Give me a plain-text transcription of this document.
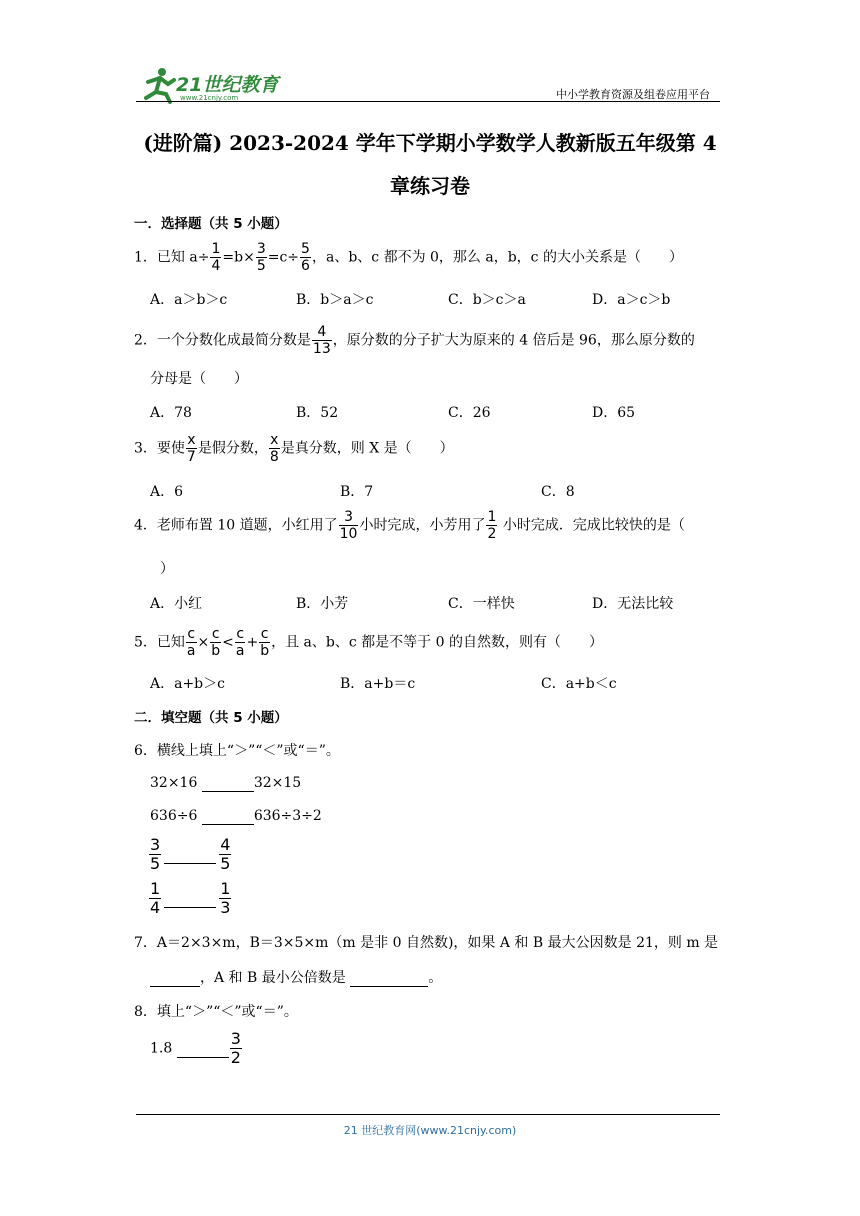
21世纪教育
www.21cnjy.com	中小学教育资源及组卷应用平台
(进阶篇) 2023-2024 学年下学期小学数学人教新版五年级第 4
章练习卷
一．选择题（共 5 小题）
1．已知 $a\div \frac{1}{4} =b\times \frac{3}{5} =c\div \frac{5}{6}$ ，a、b、c 都不为 0，那么 a，b，c 的大小关系是（　　）
A．a＞b＞c	B．b＞a＞c	C．b＞c＞a	D．a＞c＞b
2．一个分数化成最简分数是 $\frac{4}{13}$ ，原分数的分子扩大为原来的 4 倍后是 96，那么原分数的
分母是（　　）
A．78	B．52	C．26	D．65
3．要使 $\frac{x}{7}$ 是假分数， $\frac{x}{8}$ 是真分数，则 X 是（　　）
A．6	B．7	C．8
4．老师布置 10 道题，小红用了 $\frac{3}{10}$ 小时完成，小芳用了 $\frac{1}{2}$ 小时完成．完成比较快的是（
）
A．小红	B．小芳	C．一样快	D．无法比较
5．已知 $\frac{c}{a} \times \frac{c}{b} < \frac{c}{a} + \frac{c}{b}$ ，且 a、b、c 都是不等于 0 的自然数，则有（　　）
A．a+b＞c	B．a+b＝c	C．a+b＜c
二．填空题（共 5 小题）
6．横线上填上“＞”“＜”或“＝”。
32×16	32×15
636÷6	636÷3÷2
$\frac{3}{5}$
	$\frac{4}{5}$
$\frac{1}{4}$
	$\frac{1}{3}$
7．A＝2×3×m，B＝3×5×m（m 是非 0 自然数)，如果 A 和 B 最大公因数是 21，则 m 是
，A 和 B 最小公倍数是	。
8．填上“＞”“＜”或“＝”。
1.8	$\frac{3}{2}$
21 世纪教育网(www.21cnjy.com)
